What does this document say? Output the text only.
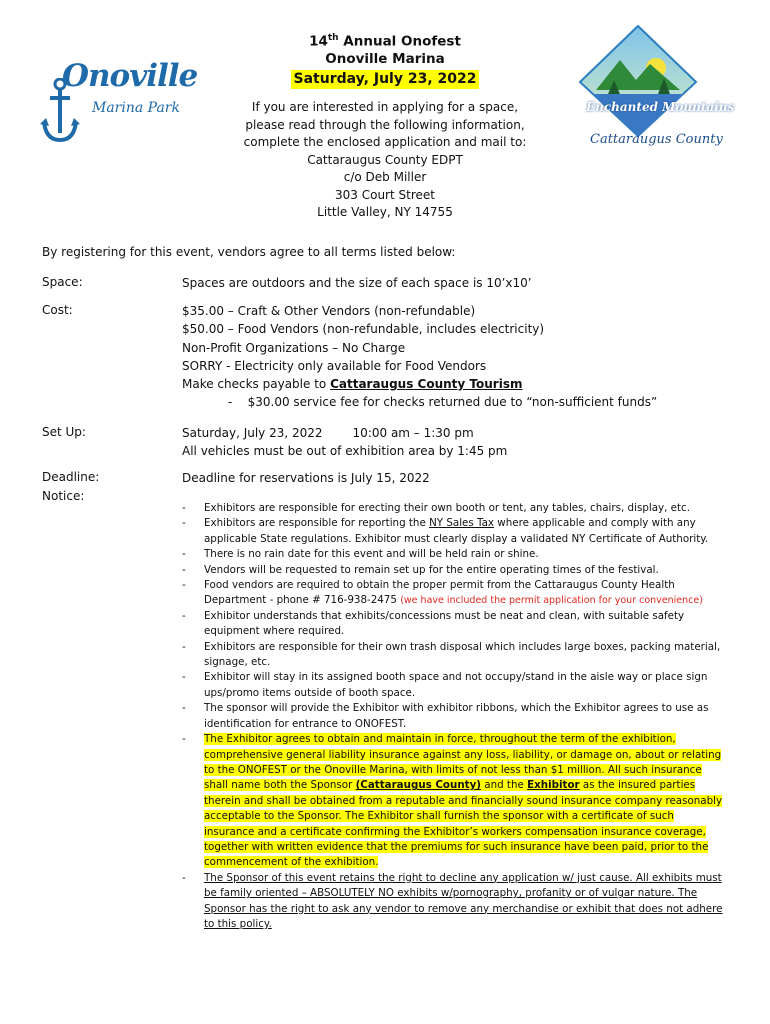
Onoville
Marina Park	Enchanted Mountains
Cattaraugus County
14th Annual Onofest
Onoville Marina
Saturday, July 23, 2022
If you are interested in applying for a space,
please read through the following information,
complete the enclosed application and mail to:
Cattaraugus County EDPT
c/o Deb Miller
303 Court Street
Little Valley, NY 14755
By registering for this event, vendors agree to all terms listed below:
Space:	Spaces are outdoors and the size of each space is 10’x10’
Cost:	$35.00 – Craft & Other Vendors (non-refundable)
$50.00 – Food Vendors (non-refundable, includes electricity)
Non-Profit Organizations – No Charge
SORRY - Electricity only available for Food Vendors
Make checks payable to Cattaraugus County Tourism
- $30.00 service fee for checks returned due to “non-sufficient funds”
Set Up:	Saturday, July 23, 2022	10:00 am – 1:30 pm
All vehicles must be out of exhibition area by 1:45 pm
Deadline:	Deadline for reservations is July 15, 2022
Notice:
- Exhibitors are responsible for erecting their own booth or tent, any tables, chairs, display, etc.
- Exhibitors are responsible for reporting the NY Sales Tax where applicable and comply with any applicable State regulations. Exhibitor must clearly display a validated NY Certificate of Authority.
- There is no rain date for this event and will be held rain or shine.
- Vendors will be requested to remain set up for the entire operating times of the festival.
- Food vendors are required to obtain the proper permit from the Cattaraugus County Health Department - phone # 716-938-2475 (we have included the permit application for your convenience)
- Exhibitor understands that exhibits/concessions must be neat and clean, with suitable safety equipment where required.
- Exhibitors are responsible for their own trash disposal which includes large boxes, packing material, signage, etc.
- Exhibitor will stay in its assigned booth space and not occupy/stand in the aisle way or place sign ups/promo items outside of booth space.
- The sponsor will provide the Exhibitor with exhibitor ribbons, which the Exhibitor agrees to use as identification for entrance to ONOFEST.
- The Exhibitor agrees to obtain and maintain in force, throughout the term of the exhibition, comprehensive general liability insurance against any loss, liability, or damage on, about or relating to the ONOFEST or the Onoville Marina, with limits of not less than $1 million. All such insurance shall name both the Sponsor (Cattaraugus County) and the Exhibitor as the insured parties therein and shall be obtained from a reputable and financially sound insurance company reasonably acceptable to the Sponsor. The Exhibitor shall furnish the sponsor with a certificate of such insurance and a certificate confirming the Exhibitor’s workers compensation insurance coverage, together with written evidence that the premiums for such insurance have been paid, prior to the commencement of the exhibition.
- The Sponsor of this event retains the right to decline any application w/ just cause. All exhibits must be family oriented – ABSOLUTELY NO exhibits w/pornography, profanity or of vulgar nature. The Sponsor has the right to ask any vendor to remove any merchandise or exhibit that does not adhere to this policy.
